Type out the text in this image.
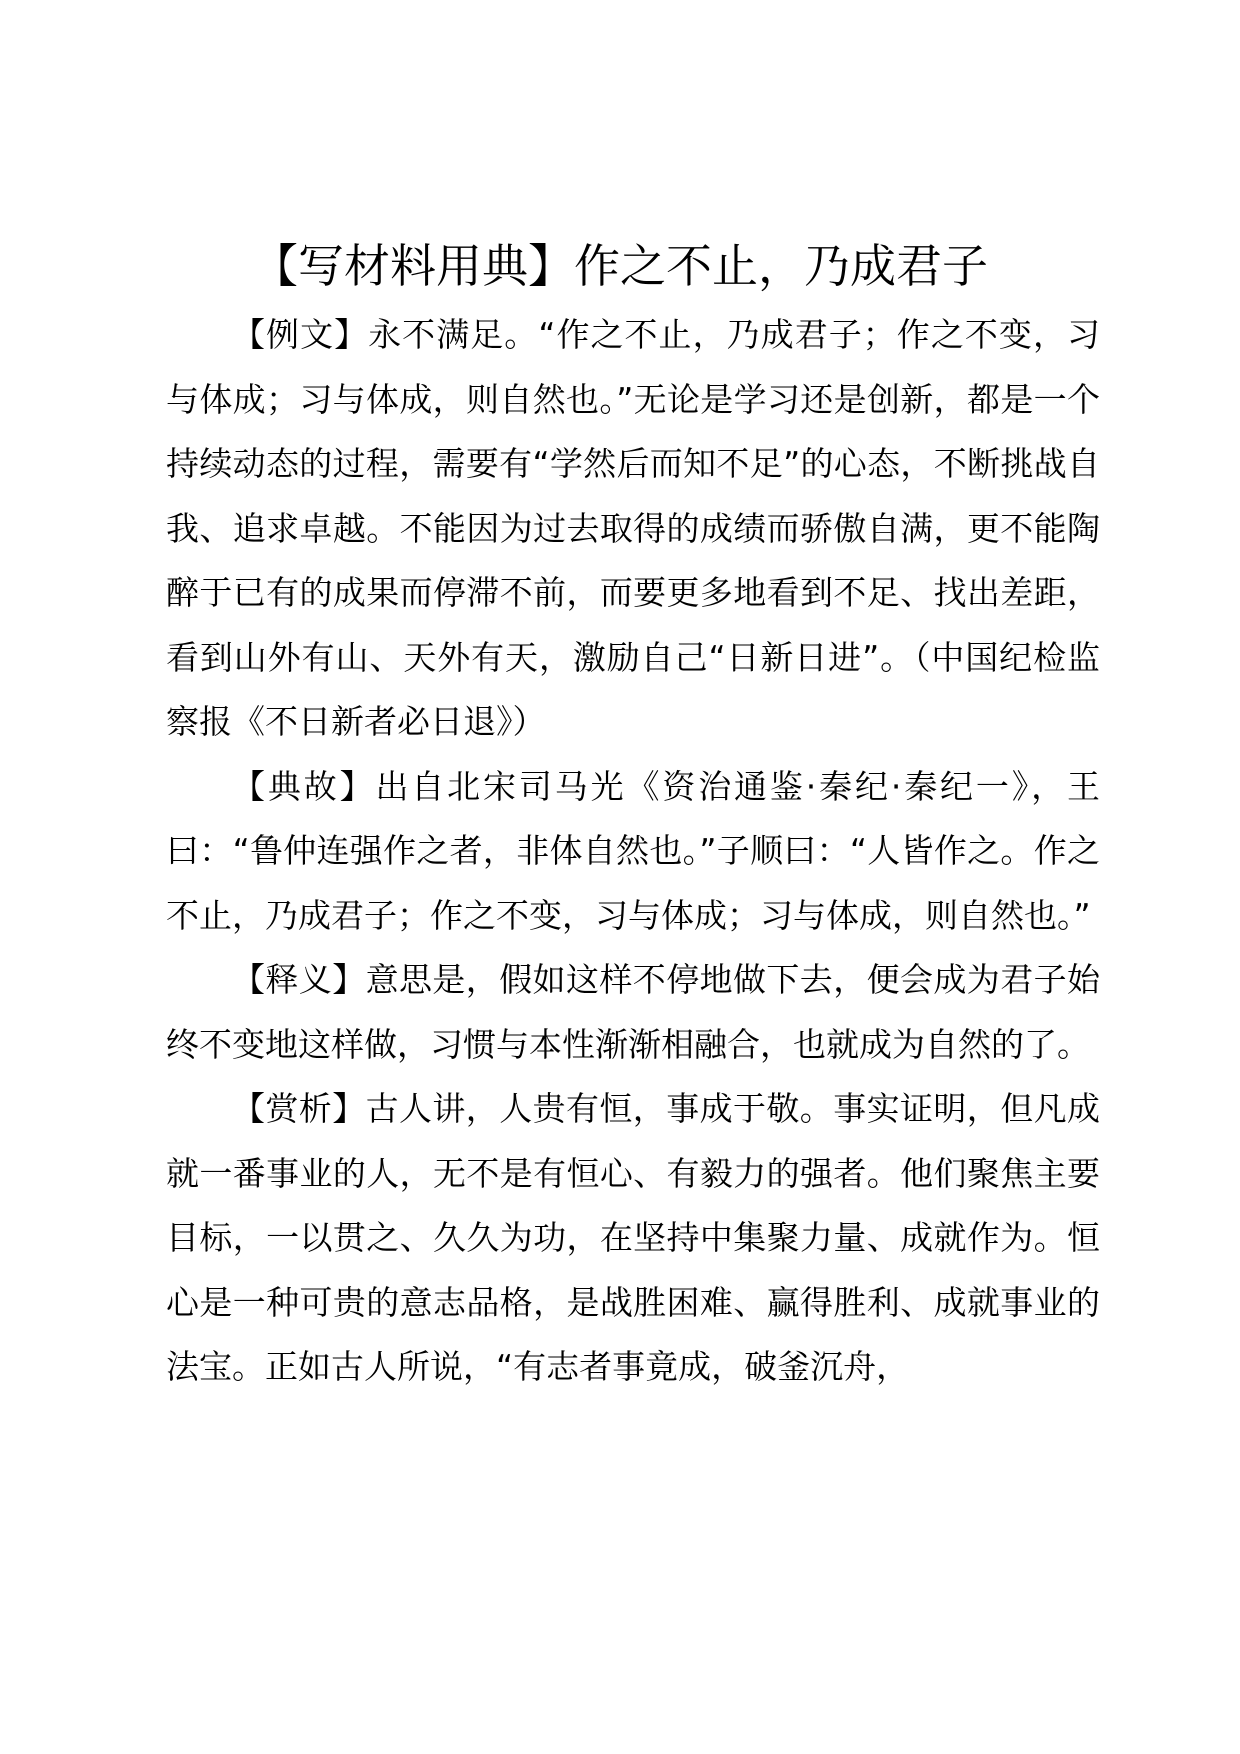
【写材料用典】作之不止，乃成君子

【例文】永不满足。“作之不止，乃成君子；作之不变，习与体成；习与体成，则自然也。”无论是学习还是创新，都是一个持续动态的过程，需要有“学然后而知不足”的心态，不断挑战自我、追求卓越。不能因为过去取得的成绩而骄傲自满，更不能陶醉于已有的成果而停滞不前，而要更多地看到不足、找出差距，看到山外有山、天外有天，激励自己“日新日进”。（中国纪检监察报《不日新者必日退》）

【典故】出自北宋司马光《资治通鉴·秦纪·秦纪一》，王曰：“鲁仲连强作之者，非体自然也。”子顺曰：“人皆作之。作之不止，乃成君子；作之不变，习与体成；习与体成，则自然也。”

【释义】意思是，假如这样不停地做下去，便会成为君子始终不变地这样做，习惯与本性渐渐相融合，也就成为自然的了。

【赏析】古人讲，人贵有恒，事成于敬。事实证明，但凡成就一番事业的人，无不是有恒心、有毅力的强者。他们聚焦主要目标，一以贯之、久久为功，在坚持中集聚力量、成就作为。恒心是一种可贵的意志品格，是战胜困难、赢得胜利、成就事业的法宝。正如古人所说，“有志者事竟成，破釜沉舟，
